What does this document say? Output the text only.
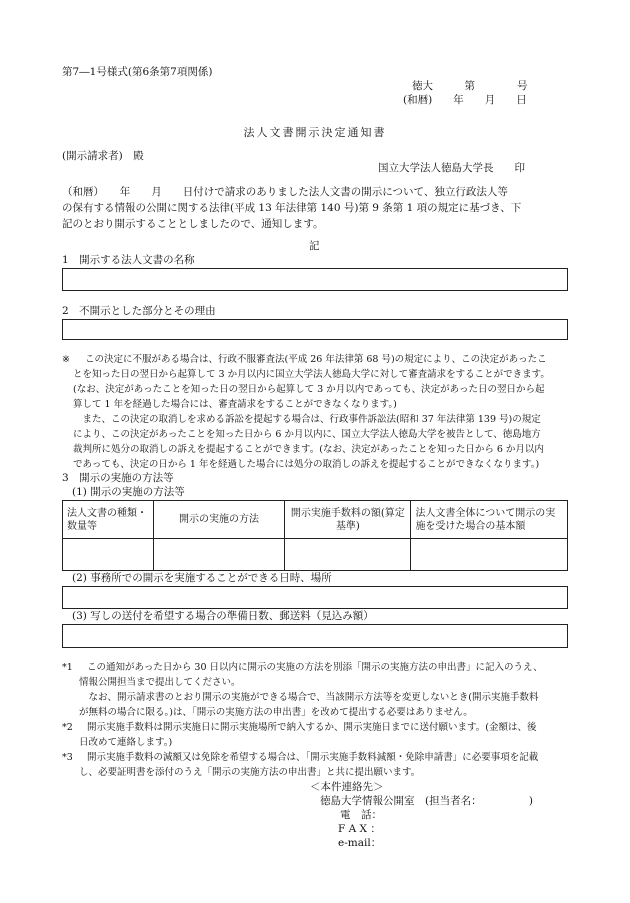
第7―1号様式(第6条第7項関係)
徳大　　　第　　　　号
(和暦)　　年　　月　　日
法人文書開示決定通知書
(開示請求者)　殿
国立大学法人徳島大学長　　印
（和暦）　　年　　月　　日付けで請求のありました法人文書の開示について、独立行政法人等
の保有する情報の公開に関する法律(平成 13 年法律第 140 号)第 9 条第 1 項の規定に基づき、下
記のとおり開示することとしましたので、通知します。
記
1　開示する法人文書の名称
2　不開示とした部分とその理由
※	この決定に不服がある場合は、行政不服審査法(平成 26 年法律第 68 号)の規定により、この決定があったこ
とを知った日の翌日から起算して 3 か月以内に国立大学法人徳島大学に対して審査請求をすることができます。
(なお、決定があったことを知った日の翌日から起算して 3 か月以内であっても、決定があった日の翌日から起
算して 1 年を経過した場合には、審査請求をすることができなくなります。)
　また、この決定の取消しを求める訴訟を提起する場合は、行政事件訴訟法(昭和 37 年法律第 139 号)の規定
により、この決定があったことを知った日から 6 か月以内に、国立大学法人徳島大学を被告として、徳島地方
裁判所に処分の取消しの訴えを提起することができます。(なお、決定があったことを知った日から 6 か月以内
であっても、決定の日から 1 年を経過した場合には処分の取消しの訴えを提起することができなくなります。)
3　開示の実施の方法等
(1) 開示の実施の方法等
法人文書の種類・数量等	開示の実施の方法	開示実施手数料の額(算定基準)	法人文書全体について開示の実施を受けた場合の基本額

(2) 事務所での開示を実施することができる日時、場所
(3) 写しの送付を希望する場合の準備日数、郵送料（見込み額）
*1	この通知があった日から 30 日以内に開示の実施の方法を別添「開示の実施方法の申出書」に記入のうえ、
情報公開担当まで提出してください。
　なお、開示請求書のとおり開示の実施ができる場合で、当該開示方法等を変更しないとき(開示実施手数料
が無料の場合に限る。)は、「開示の実施方法の申出書」を改めて提出する必要はありません。
*2	開示実施手数料は開示実施日に開示実施場所で納入するか、開示実施日までに送付願います。(金額は、後
日改めて連絡します。)
*3	開示実施手数料の減額又は免除を希望する場合は、「開示実施手数料減額・免除申請書」に必要事項を記載
し、必要証明書を添付のうえ「開示の実施方法の申出書」と共に提出願います。
＜本件連絡先＞
徳島大学情報公開室　(担当者名：　　　　　)
電　話：
F A X ：
e-mail：
